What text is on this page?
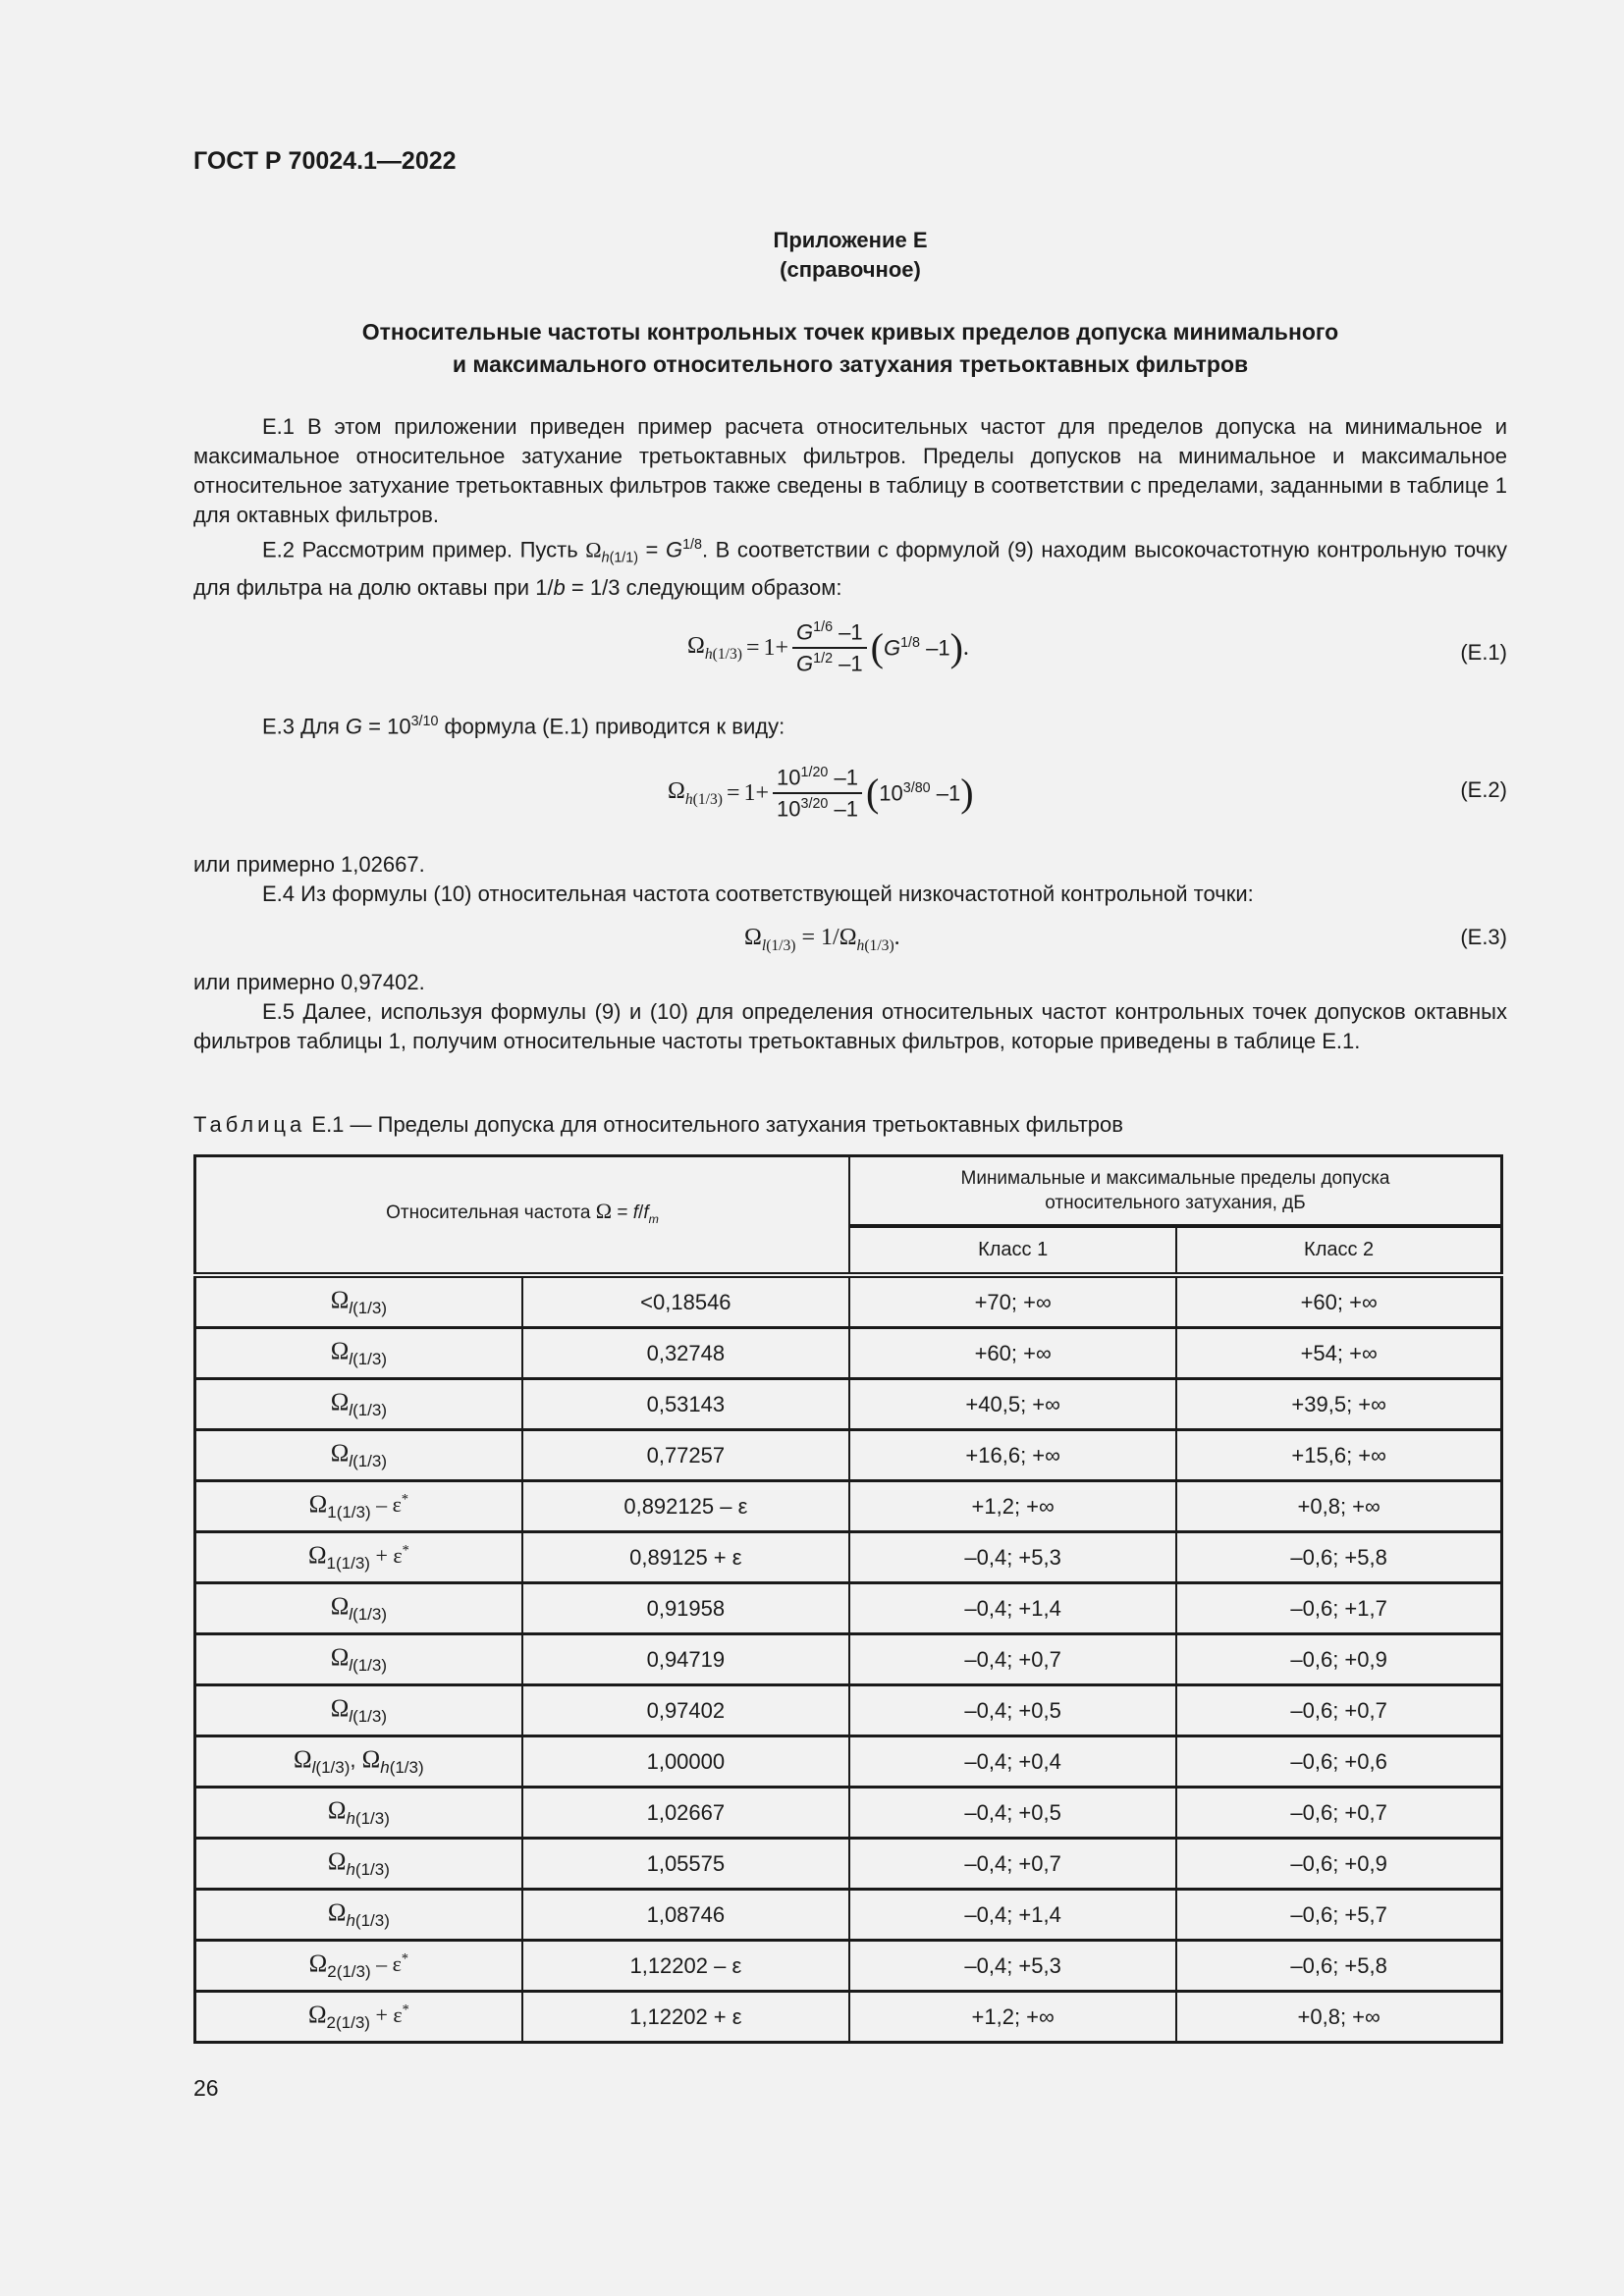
ГОСТ Р 70024.1—2022
Приложение Е
(справочное)
Относительные частоты контрольных точек кривых пределов допуска минимального
и максимального относительного затухания третьоктавных фильтров

Е.1 В этом приложении приведен пример расчета относительных частот для пределов допуска на минимальное и максимальное относительное затухание третьоктавных фильтров. Пределы допусков на минимальное и максимальное относительное затухание третьоктавных фильтров также сведены в таблицу в соответствии с пределами, заданными в таблице 1 для октавных фильтров.

Е.2 Рассмотрим пример. Пусть $\Omega_{h(1/1)} = G^{1/8}$. В соответствии с формулой (9) находим высокочастотную контрольную точку для фильтра на долю октавы при 1/b = 1/3 следующим образом:

$\Omega_{h(1/3)} = 1+ \frac{G^{1/6} -1}{G^{1/2} -1}$ ( $G^{1/8}$ –1 ) .	(Е.1)

Е.3 Для $G = 10^{3/10}$ формула (Е.1) приводится к виду:

$\Omega_{h(1/3)} = 1+ \frac{10^{1/20} -1}{10^{3/20} -1}$ ( $10^{3/80}$ –1 )	(Е.2)

или примерно 1,02667.

Е.4 Из формулы (10) относительная частота соответствующей низкочастотной контрольной точки:

$\Omega_{l(1/3)} = 1/\Omega_{h(1/3)}$.	(Е.3)

или примерно 0,97402.

Е.5 Далее, используя формулы (9) и (10) для определения относительных частот контрольных точек допусков октавных фильтров таблицы 1, получим относительные частоты третьоктавных фильтров, которые приведены в таблице Е.1.

Таблица Е.1 — Пределы допуска для относительного затухания третьоктавных фильтров
Относительная частота $\Omega = f/f_m$		Минимальные и максимальные пределы допуска
относительного затухания, дБ	

		Класс 1	Класс 2
$\Omega_{l(1/3)}$	<0,18546	+70; +∞	+60; +∞
$\Omega_{l(1/3)}$	0,32748	+60; +∞	+54; +∞
$\Omega_{l(1/3)}$	0,53143	+40,5; +∞	+39,5; +∞
$\Omega_{l(1/3)}$	0,77257	+16,6; +∞	+15,6; +∞
$\Omega_{1(1/3)} - \varepsilon^*$	0,892125 – ε	+1,2; +∞	+0,8; +∞
$\Omega_{1(1/3)} + \varepsilon^*$	0,89125 + ε	–0,4; +5,3	–0,6; +5,8
$\Omega_{l(1/3)}$	0,91958	–0,4; +1,4	–0,6; +1,7
$\Omega_{l(1/3)}$	0,94719	–0,4; +0,7	–0,6; +0,9
$\Omega_{l(1/3)}$	0,97402	–0,4; +0,5	–0,6; +0,7
$\Omega_{l(1/3)}$, $\Omega_{h(1/3)}$	1,00000	–0,4; +0,4	–0,6; +0,6
$\Omega_{h(1/3)}$	1,02667	–0,4; +0,5	–0,6; +0,7
$\Omega_{h(1/3)}$	1,05575	–0,4; +0,7	–0,6; +0,9
$\Omega_{h(1/3)}$	1,08746	–0,4; +1,4	–0,6; +5,7
$\Omega_{2(1/3)} - \varepsilon^*$	1,12202 – ε	–0,4; +5,3	–0,6; +5,8
$\Omega_{2(1/3)} + \varepsilon^*$	1,12202 + ε	+1,2; +∞	+0,8; +∞
26
